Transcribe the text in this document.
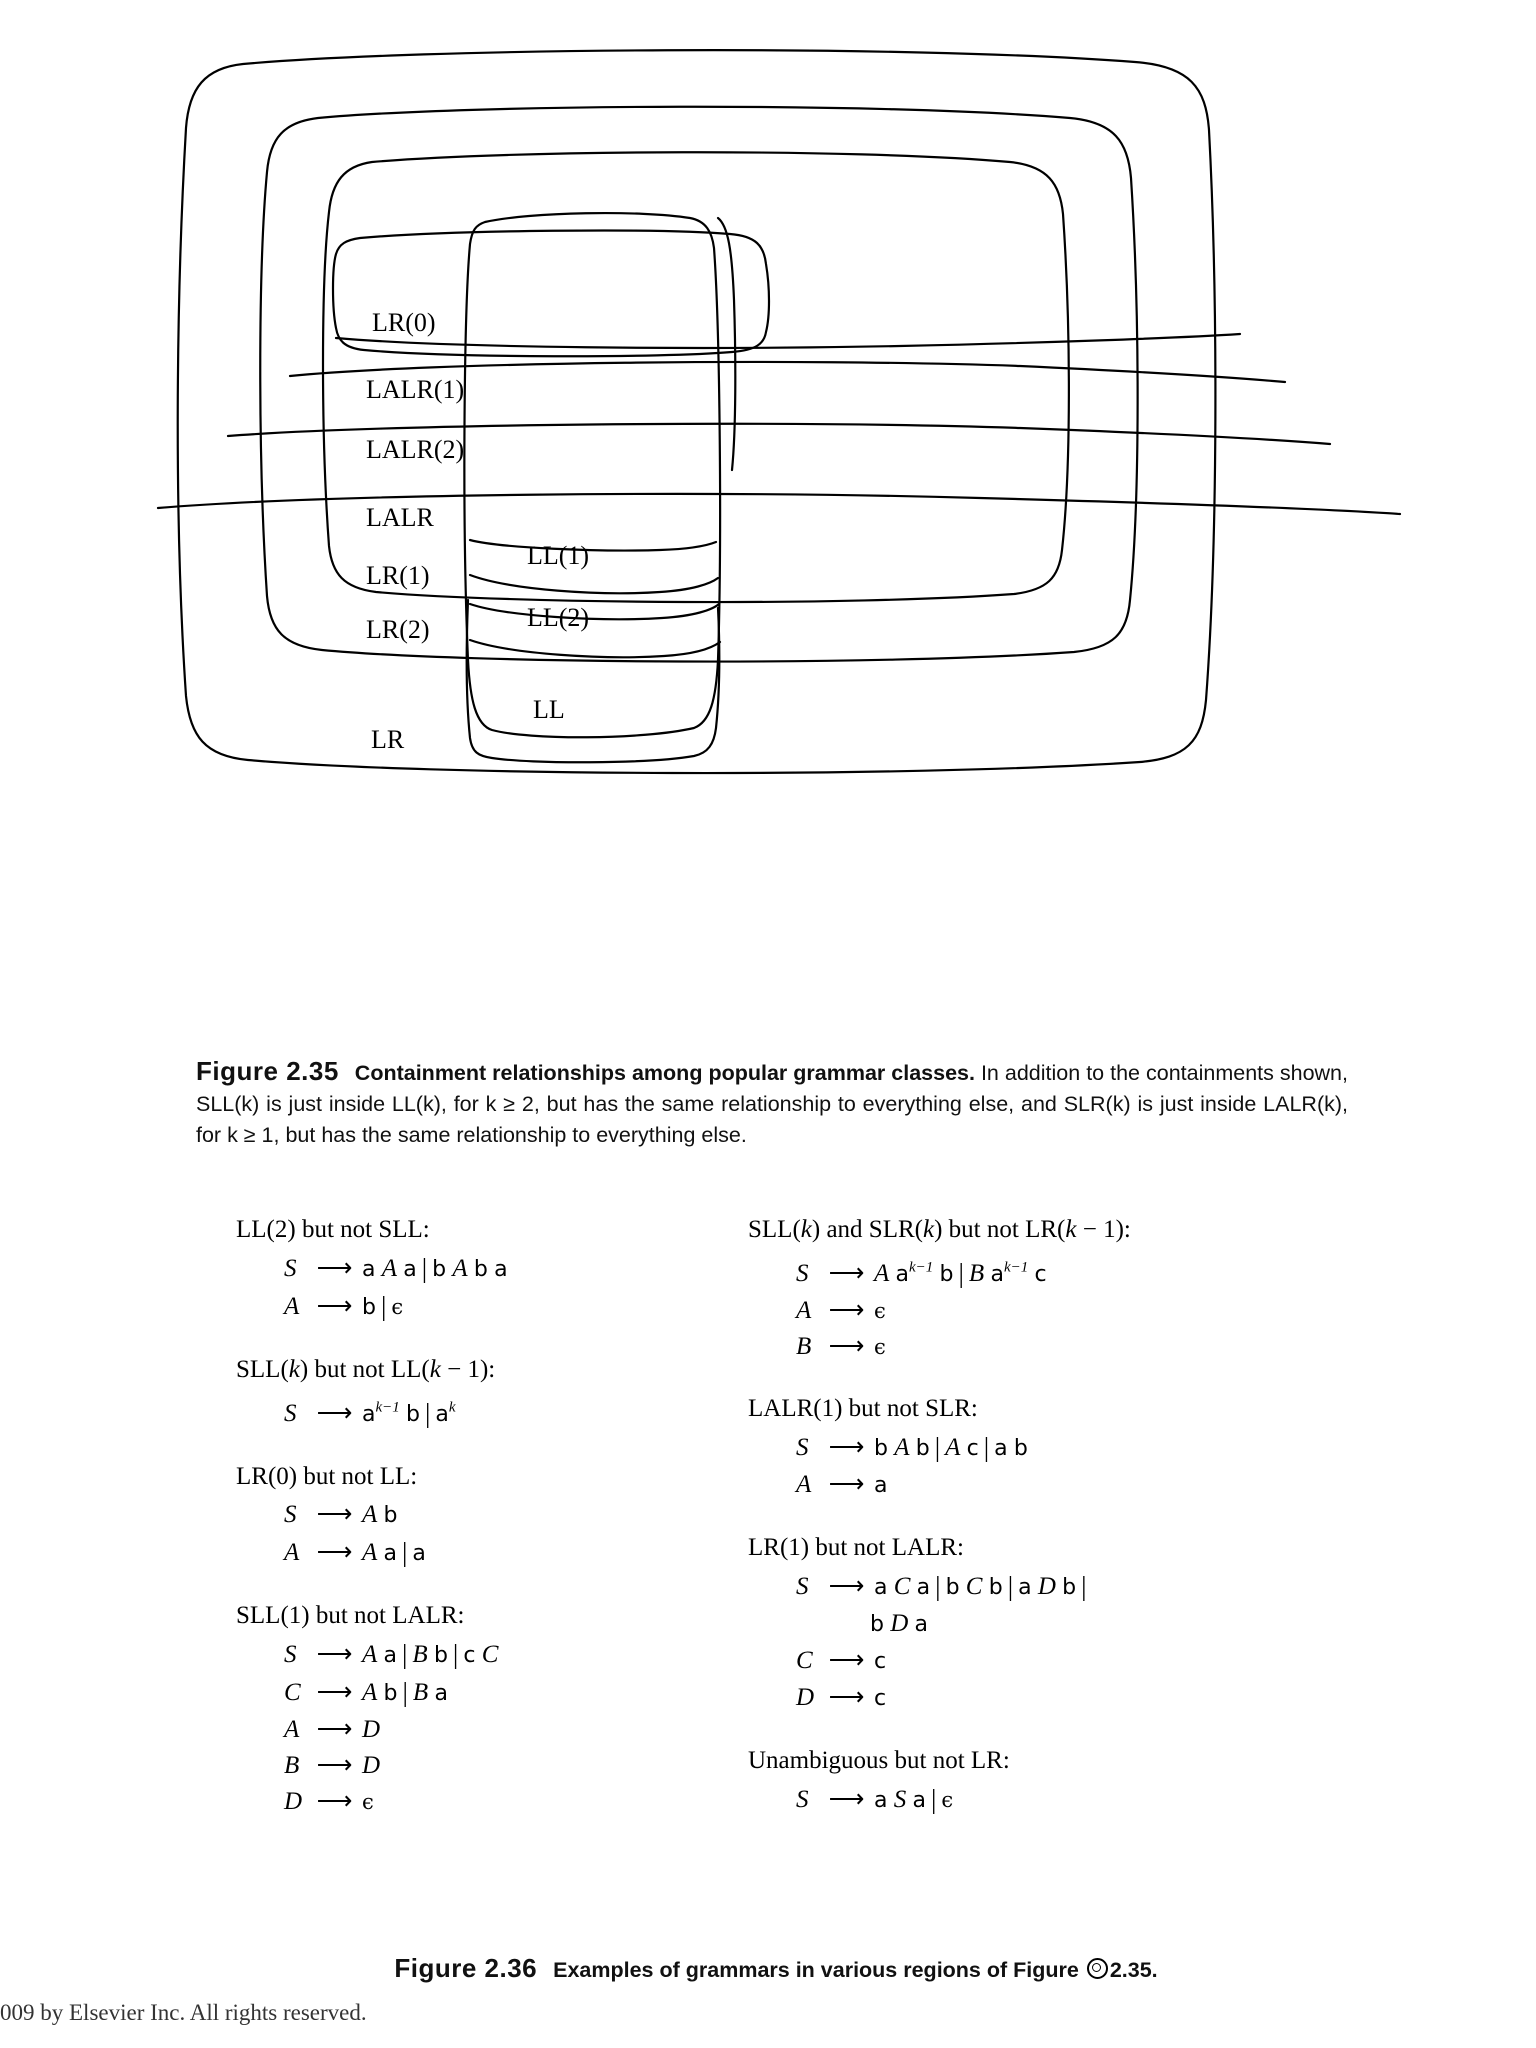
LR(0)
LALR(1)
LALR(2)
LALR
LR(1)
LL(1)
LR(2)	LL(2)
LL
LR
Figure 2.35 Containment relationships among popular grammar classes. In addition to the containments shown, SLL(k) is just inside LL(k), for k ≥ 2, but has the same relationship to everything else, and SLR(k) is just inside LALR(k), for k ≥ 1, but has the same relationship to everything else.
LL(2) but not SLL:
S ⟶ a A a | b A b a
A ⟶ b | ϵ
SLL(k) but not LL(k − 1):
S ⟶ $a^{k-1}$ b | $a^k$
LR(0) but not LL:
S ⟶ A b
A ⟶ A a | a
SLL(1) but not LALR:
S ⟶ A a | B b | c C
C ⟶ A b | B a
A ⟶ D
B ⟶ D
D ⟶ ϵ
SLL(k) and SLR(k) but not LR(k − 1):
S ⟶ A $a^{k-1}$ b | B $a^{k-1}$ c
A ⟶ ϵ
B ⟶ ϵ
LALR(1) but not SLR:
S ⟶ b A b | A c | a b
A ⟶ a
LR(1) but not LALR:
S ⟶ a C a | b C b | a D b |
b D a
C ⟶ c
D ⟶ c
Unambiguous but not LR:
S ⟶ a S a | ϵ
Figure 2.36 Examples of grammars in various regions of Figure 2.35.
009 by Elsevier Inc. All rights reserved.
